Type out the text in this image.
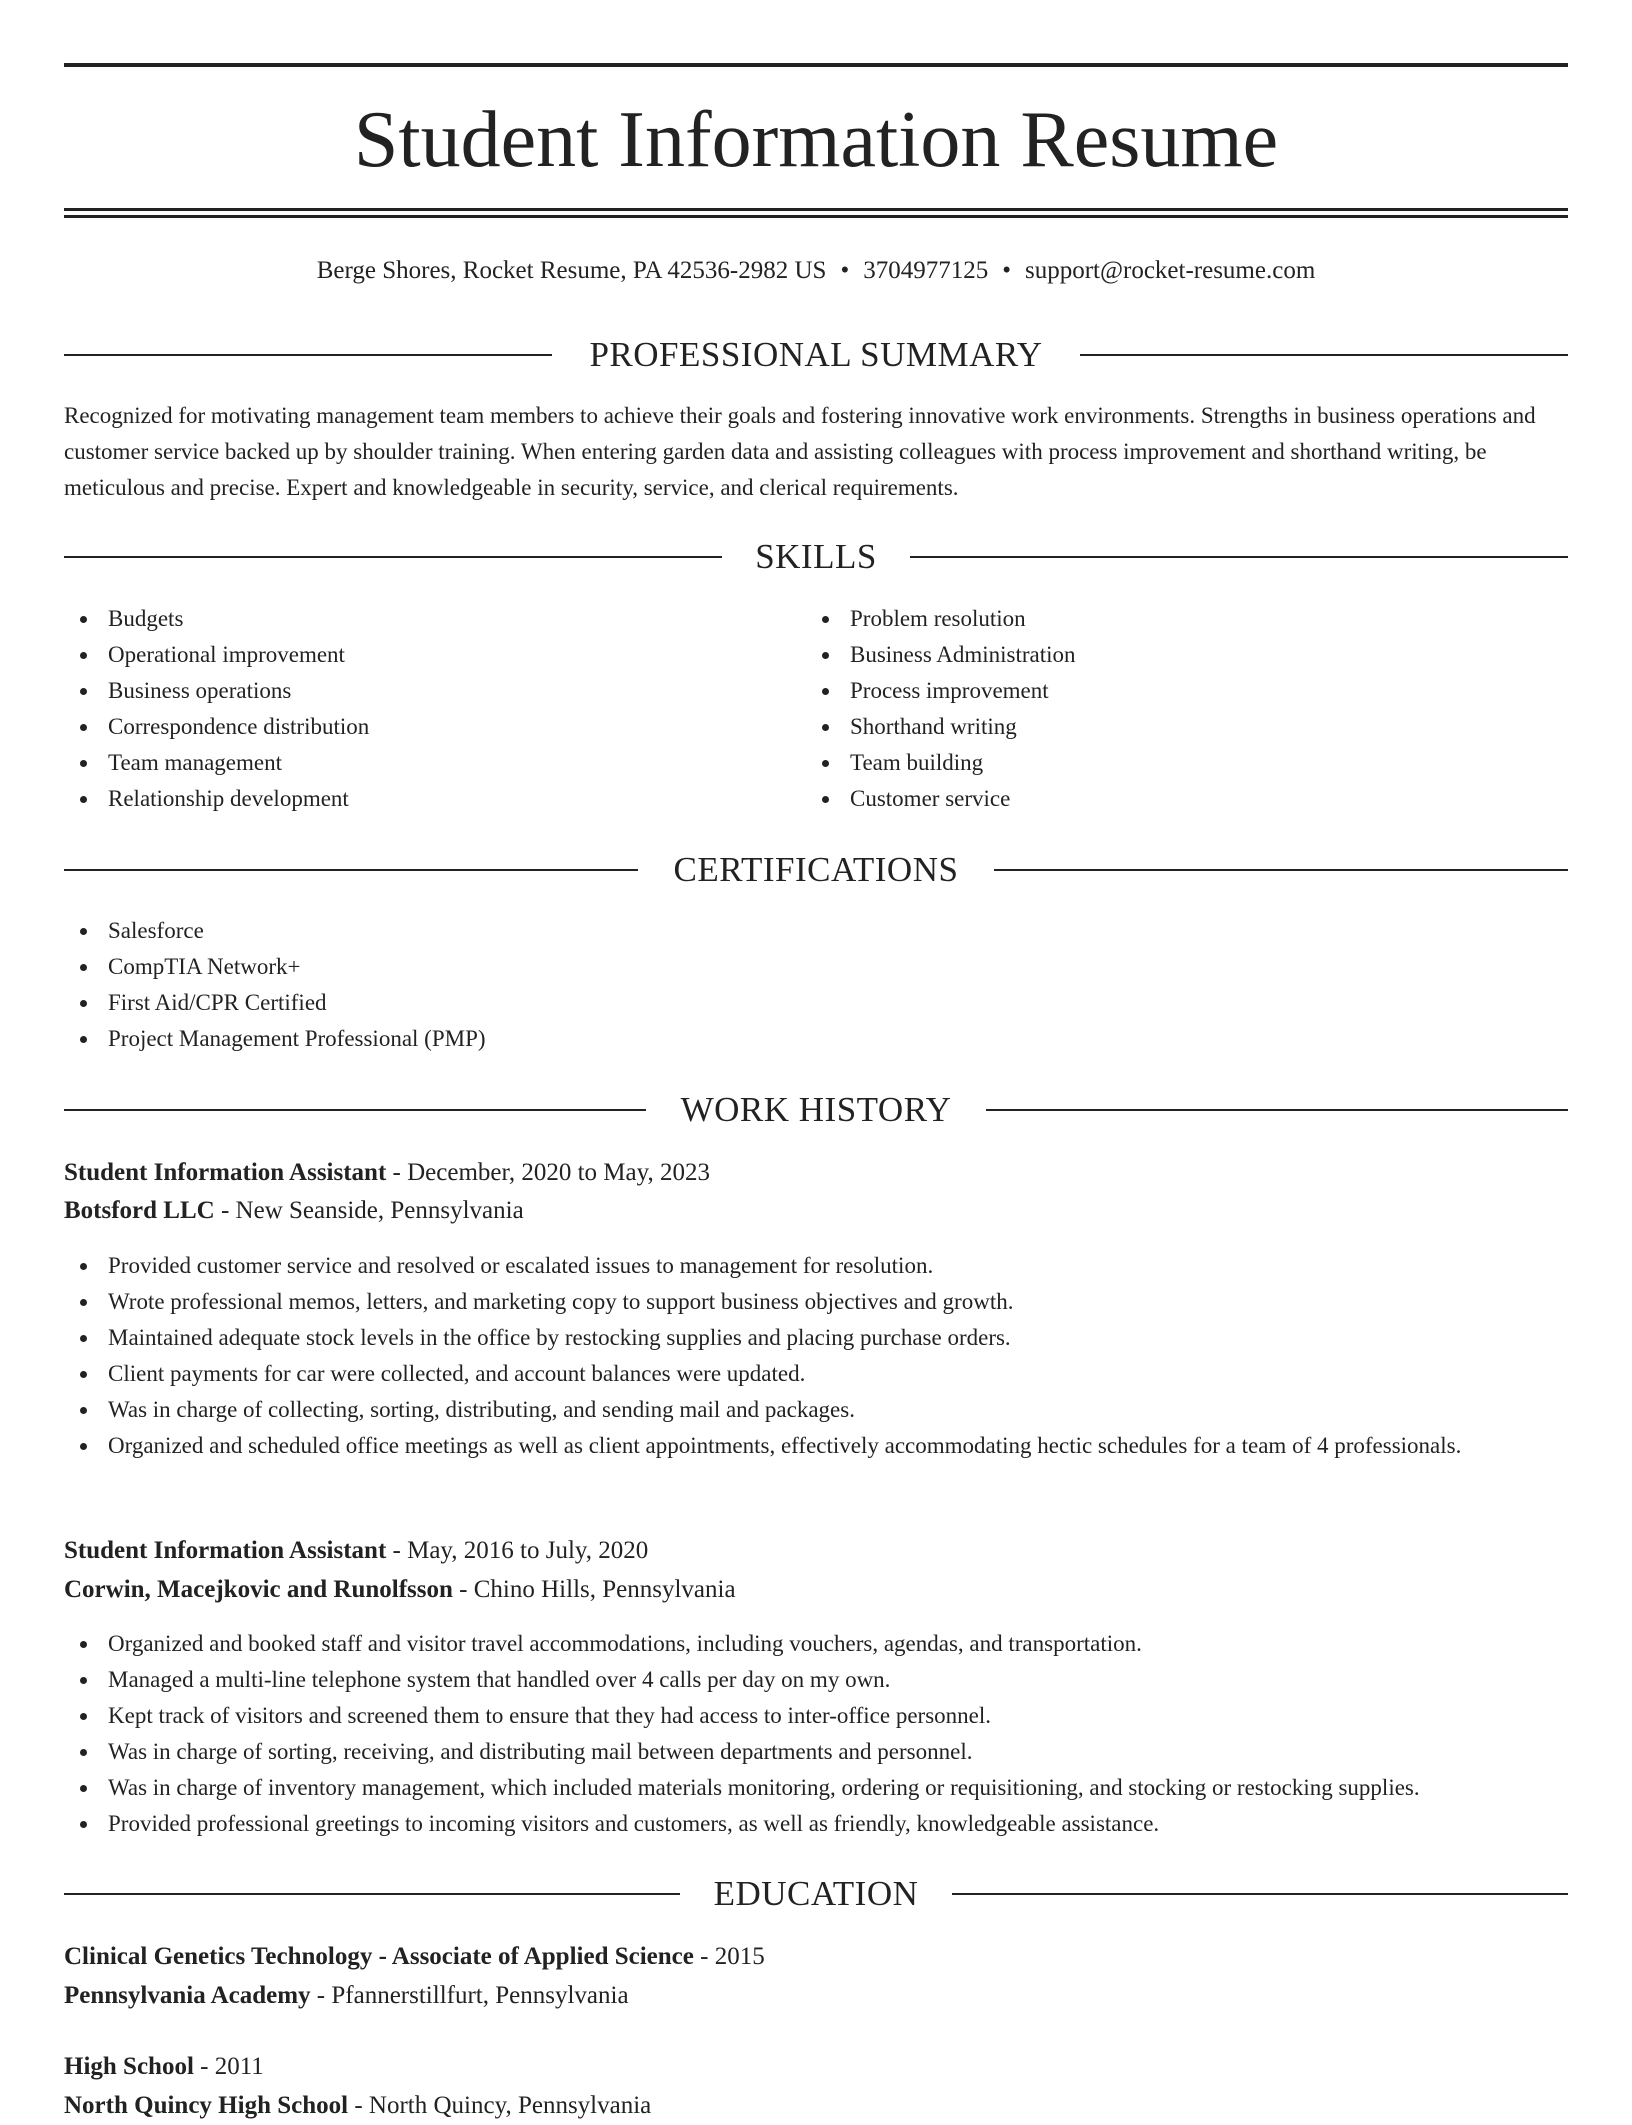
Student Information Resume
Berge Shores, Rocket Resume, PA 42536-2982 US • 3704977125 • support@rocket-resume.com
PROFESSIONAL SUMMARY

Recognized for motivating management team members to achieve their goals and fostering innovative work environments. Strengths in business operations and customer service backed up by shoulder training. When entering garden data and assisting colleagues with process improvement and shorthand writing, be meticulous and precise. Expert and knowledgeable in security, service, and clerical requirements.

SKILLS
Budgets
Operational improvement
Business operations
Correspondence distribution
Team management
Relationship development
Problem resolution
Business Administration
Process improvement
Shorthand writing
Team building
Customer service
CERTIFICATIONS
Salesforce
CompTIA Network+
First Aid/CPR Certified
Project Management Professional (PMP)
WORK HISTORY
Student Information Assistant - December, 2020 to May, 2023
Botsford LLC - New Seanside, Pennsylvania
Provided customer service and resolved or escalated issues to management for resolution.
Wrote professional memos, letters, and marketing copy to support business objectives and growth.
Maintained adequate stock levels in the office by restocking supplies and placing purchase orders.
Client payments for car were collected, and account balances were updated.
Was in charge of collecting, sorting, distributing, and sending mail and packages.
Organized and scheduled office meetings as well as client appointments, effectively accommodating hectic schedules for a team of 4 professionals.
Student Information Assistant - May, 2016 to July, 2020
Corwin, Macejkovic and Runolfsson - Chino Hills, Pennsylvania
Organized and booked staff and visitor travel accommodations, including vouchers, agendas, and transportation.
Managed a multi-line telephone system that handled over 4 calls per day on my own.
Kept track of visitors and screened them to ensure that they had access to inter-office personnel.
Was in charge of sorting, receiving, and distributing mail between departments and personnel.
Was in charge of inventory management, which included materials monitoring, ordering or requisitioning, and stocking or restocking supplies.
Provided professional greetings to incoming visitors and customers, as well as friendly, knowledgeable assistance.
EDUCATION
Clinical Genetics Technology - Associate of Applied Science - 2015
Pennsylvania Academy - Pfannerstillfurt, Pennsylvania
High School - 2011
North Quincy High School - North Quincy, Pennsylvania
